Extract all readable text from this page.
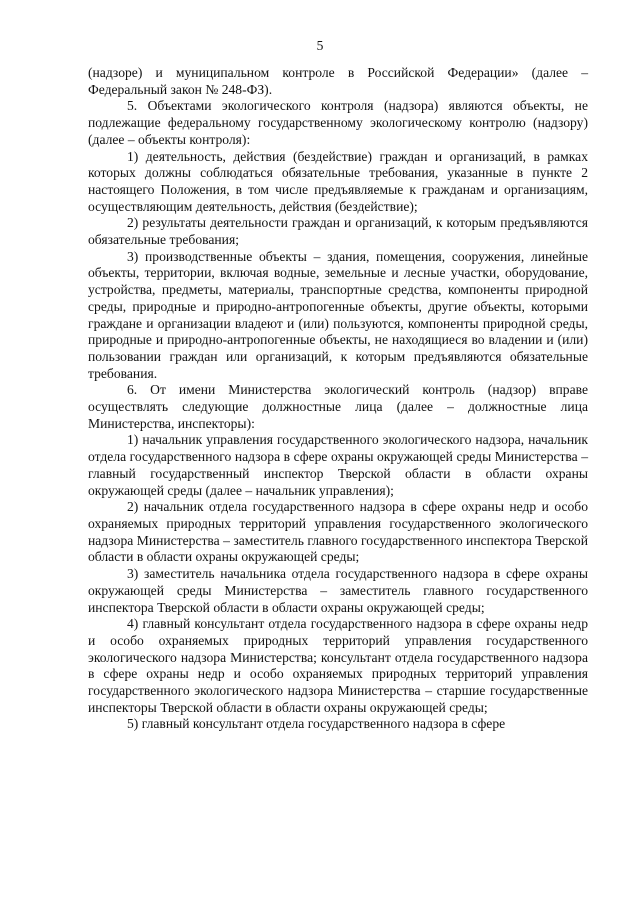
5

(надзоре) и муниципальном контроле в Российской Федерации» (далее – Федеральный закон № 248-ФЗ).

5. Объектами экологического контроля (надзора) являются объекты, не подлежащие федеральному государственному экологическому контролю (надзору) (далее – объекты контроля):

1) деятельность, действия (бездействие) граждан и организаций, в рамках которых должны соблюдаться обязательные требования, указанные в пункте 2 настоящего Положения, в том числе предъявляемые к гражданам и организациям, осуществляющим деятельность, действия (бездействие);

2) результаты деятельности граждан и организаций, к которым предъявляются обязательные требования;

3) производственные объекты – здания, помещения, сооружения, линейные объекты, территории, включая водные, земельные и лесные участки, оборудование, устройства, предметы, материалы, транспортные средства, компоненты природной среды, природные и природно-антропогенные объекты, другие объекты, которыми граждане и организации владеют и (или) пользуются, компоненты природной среды, природные и природно-антропогенные объекты, не находящиеся во владении и (или) пользовании граждан или организаций, к которым предъявляются обязательные требования.

6. От имени Министерства экологический контроль (надзор) вправе осуществлять следующие должностные лица (далее – должностные лица Министерства, инспекторы):

1) начальник управления государственного экологического надзора, начальник отдела государственного надзора в сфере охраны окружающей среды Министерства – главный государственный инспектор Тверской области в области охраны окружающей среды (далее – начальник управления);

2) начальник отдела государственного надзора в сфере охраны недр и особо охраняемых природных территорий управления государственного экологического надзора Министерства – заместитель главного государственного инспектора Тверской области в области охраны окружающей среды;

3) заместитель начальника отдела государственного надзора в сфере охраны окружающей среды Министерства – заместитель главного государственного инспектора Тверской области в области охраны окружающей среды;

4) главный консультант отдела государственного надзора в сфере охраны недр и особо охраняемых природных территорий управления государственного экологического надзора Министерства; консультант отдела государственного надзора в сфере охраны недр и особо охраняемых природных территорий управления государственного экологического надзора Министерства – старшие государственные инспекторы Тверской области в области охраны окружающей среды;

5) главный консультант отдела государственного надзора в сфере
